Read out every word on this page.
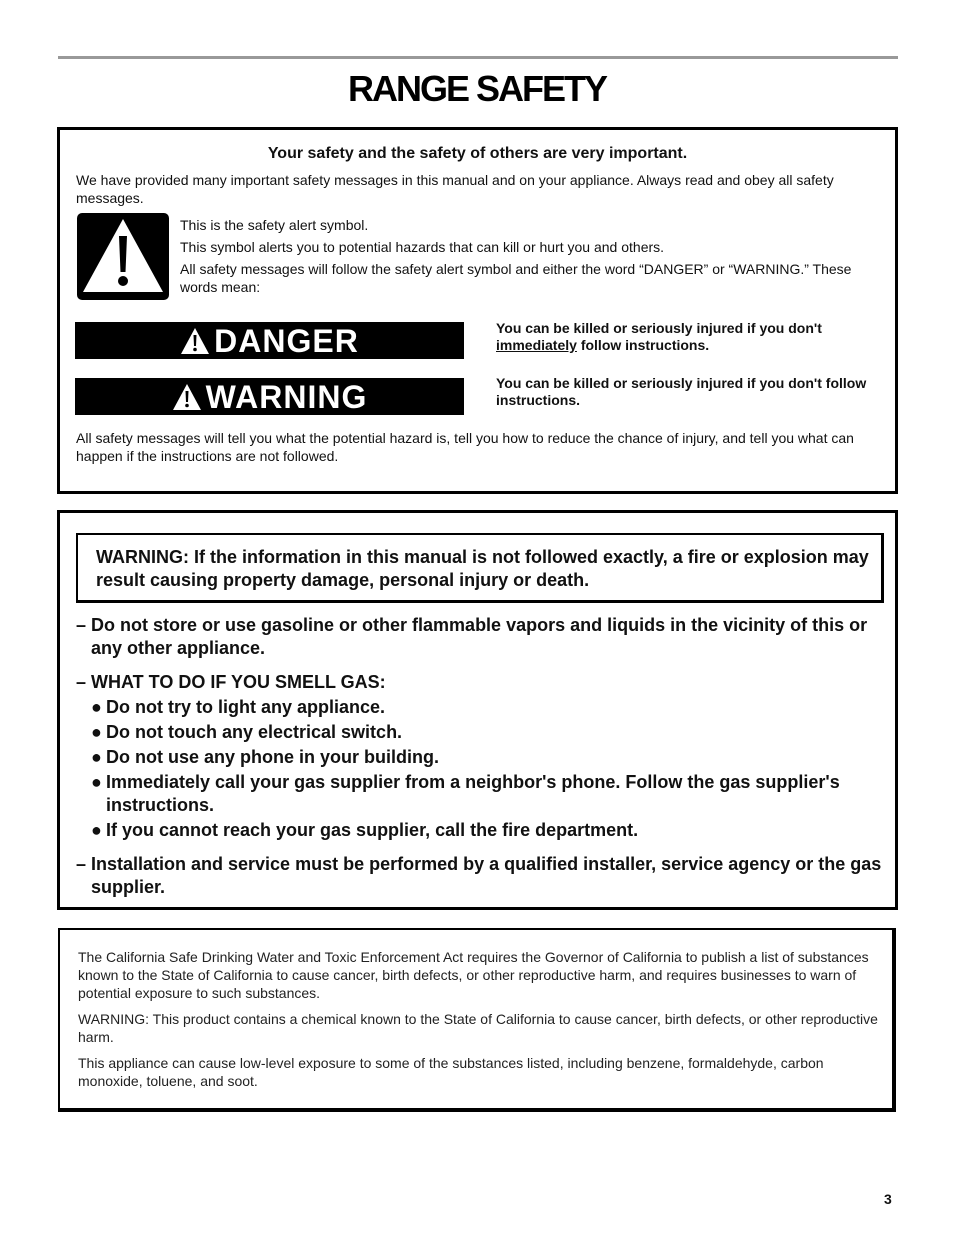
RANGE SAFETY

Your safety and the safety of others are very important.

We have provided many important safety messages in this manual and on your appliance. Always read and obey all safety messages.

This is the safety alert symbol.

This symbol alerts you to potential hazards that can kill or hurt you and others.

All safety messages will follow the safety alert symbol and either the word “DANGER” or “WARNING.” These words mean:

DANGER	You can be killed or seriously injured if you don't immediately follow instructions.

WARNING	You can be killed or seriously injured if you don't follow instructions.

All safety messages will tell you what the potential hazard is, tell you how to reduce the chance of injury, and tell you what can happen if the instructions are not followed.

WARNING: If the information in this manual is not followed exactly, a fire or explosion may result causing property damage, personal injury or death.

– Do not store or use gasoline or other flammable vapors and liquids in the vicinity of this or any other appliance.

– WHAT TO DO IF YOU SMELL GAS:
● Do not try to light any appliance.
● Do not touch any electrical switch.
● Do not use any phone in your building.
● Immediately call your gas supplier from a neighbor's phone. Follow the gas supplier's instructions.
● If you cannot reach your gas supplier, call the fire department.

– Installation and service must be performed by a qualified installer, service agency or the gas supplier.

The California Safe Drinking Water and Toxic Enforcement Act requires the Governor of California to publish a list of substances known to the State of California to cause cancer, birth defects, or other reproductive harm, and requires businesses to warn of potential exposure to such substances.

WARNING: This product contains a chemical known to the State of California to cause cancer, birth defects, or other reproductive harm.

This appliance can cause low-level exposure to some of the substances listed, including benzene, formaldehyde, carbon monoxide, toluene, and soot.

3
